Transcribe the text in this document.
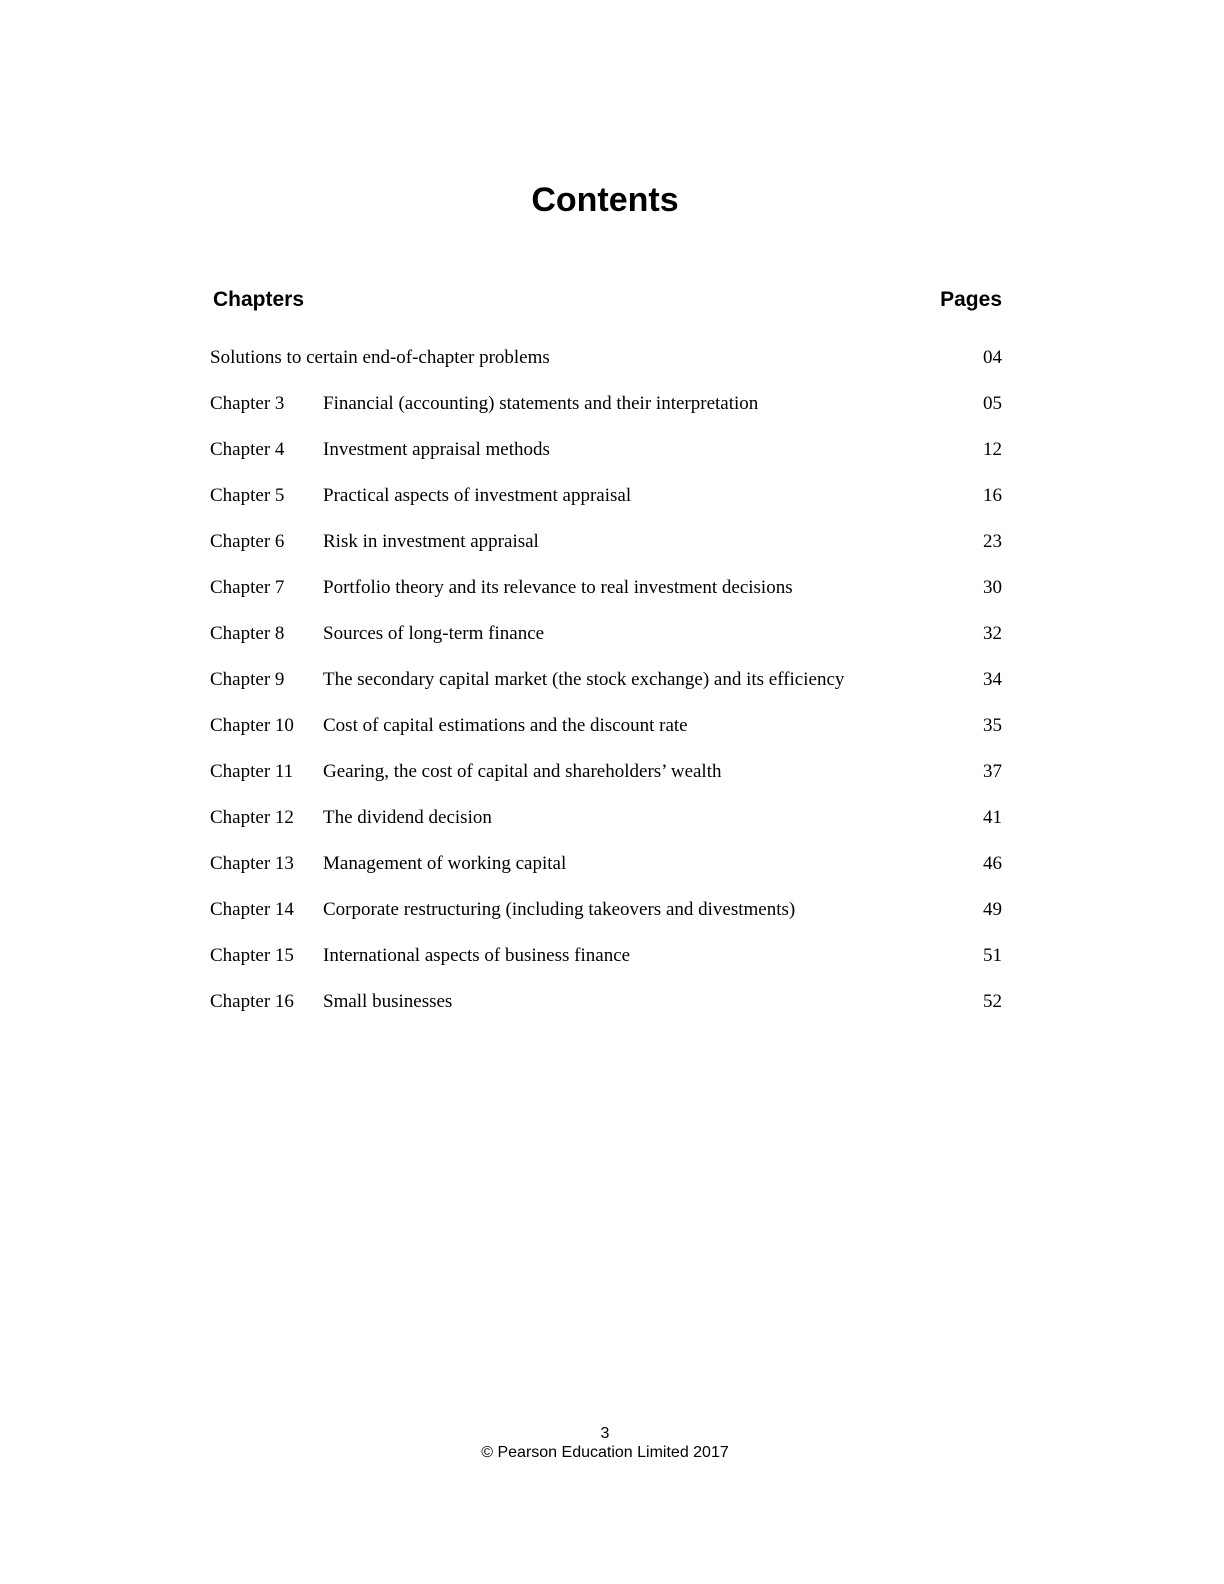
Contents
Chapters	Pages
Solutions to certain end-of-chapter problems	04
Chapter 3 Financial (accounting) statements and their interpretation	05
Chapter 4 Investment appraisal methods	12
Chapter 5 Practical aspects of investment appraisal	16
Chapter 6 Risk in investment appraisal	23
Chapter 7 Portfolio theory and its relevance to real investment decisions	30
Chapter 8 Sources of long-term finance	32
Chapter 9 The secondary capital market (the stock exchange) and its efficiency	34
Chapter 10 Cost of capital estimations and the discount rate	35
Chapter 11 Gearing, the cost of capital and shareholders’ wealth	37
Chapter 12 The dividend decision	41
Chapter 13 Management of working capital	46
Chapter 14 Corporate restructuring (including takeovers and divestments)	49
Chapter 15 International aspects of business finance	51
Chapter 16 Small businesses	52
3
© Pearson Education Limited 2017
